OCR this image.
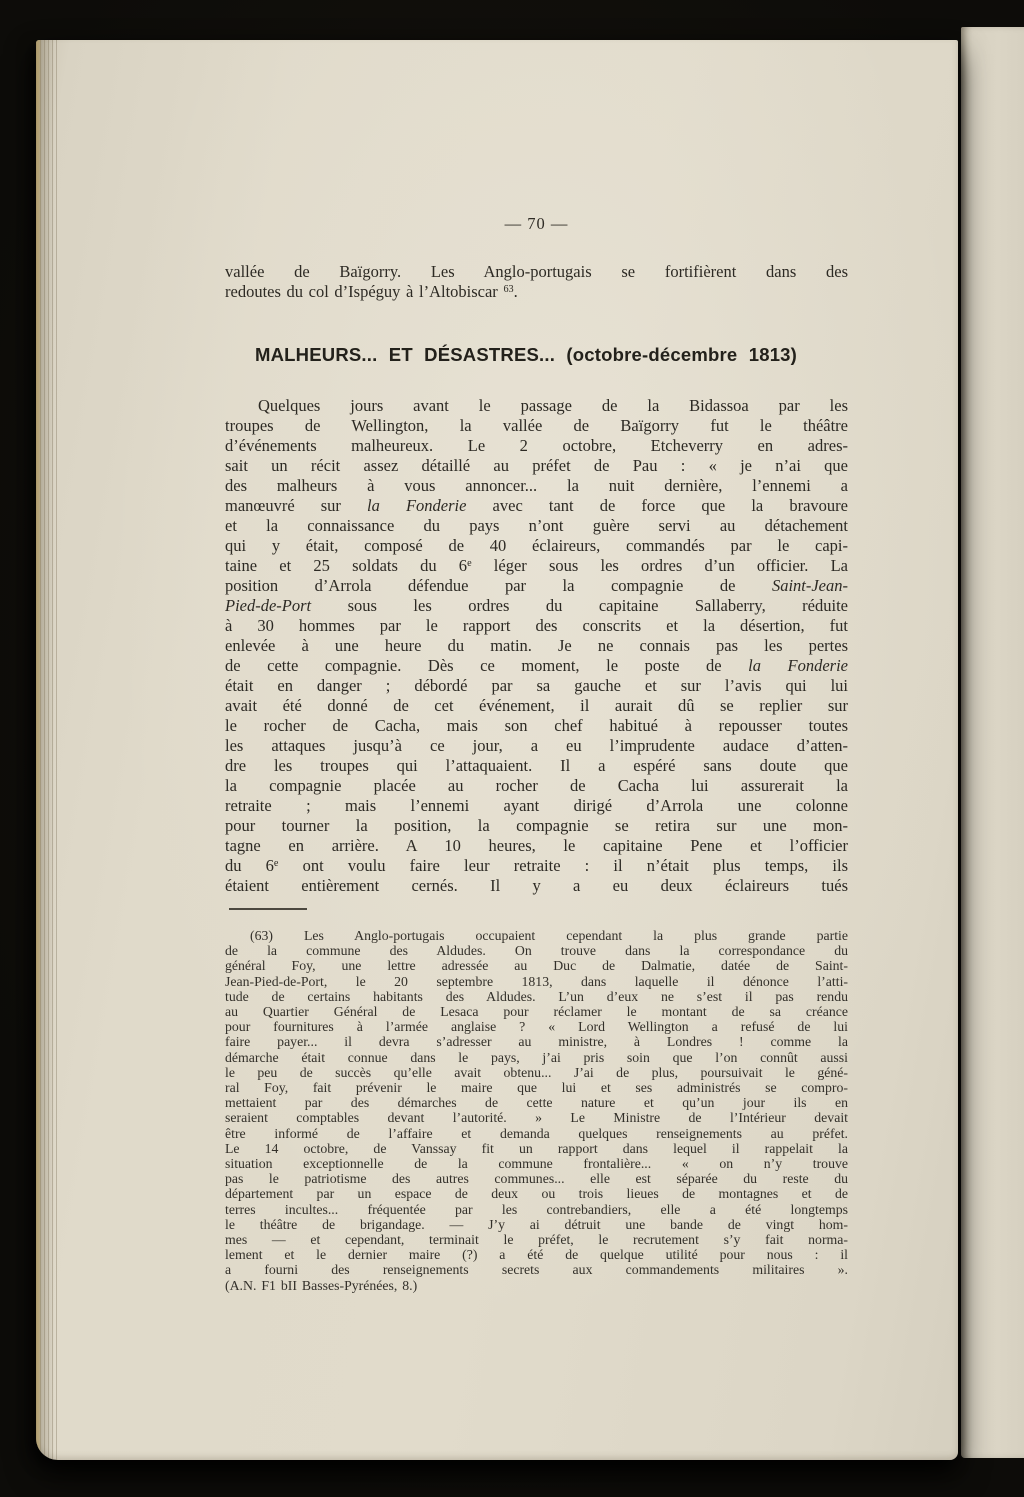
— 70 —
vallée de Baïgorry. Les Anglo-portugais se fortifièrent dans des
redoutes du col d’Ispéguy à l’Altobiscar $^{63}$.
MALHEURS... ET DÉSASTRES... (octobre-décembre 1813)
Quelques jours avant le passage de la Bidassoa par les
troupes de Wellington, la vallée de Baïgorry fut le théâtre
d’événements malheureux. Le 2 octobre, Etcheverry en adres-
sait un récit assez détaillé au préfet de Pau : « je n’ai que
des malheurs à vous annoncer... la nuit dernière, l’ennemi a
manœuvré sur la Fonderie avec tant de force que la bravoure
et la connaissance du pays n’ont guère servi au détachement
qui y était, composé de 40 éclaireurs, commandés par le capi-
taine et 25 soldats du 6e léger sous les ordres d’un officier. La
position d’Arrola défendue par la compagnie de Saint-Jean-
Pied-de-Port sous les ordres du capitaine Sallaberry, réduite
à 30 hommes par le rapport des conscrits et la désertion, fut
enlevée à une heure du matin. Je ne connais pas les pertes
de cette compagnie. Dès ce moment, le poste de la Fonderie
était en danger ; débordé par sa gauche et sur l’avis qui lui
avait été donné de cet événement, il aurait dû se replier sur
le rocher de Cacha, mais son chef habitué à repousser toutes
les attaques jusqu’à ce jour, a eu l’imprudente audace d’atten-
dre les troupes qui l’attaquaient. Il a espéré sans doute que
la compagnie placée au rocher de Cacha lui assurerait la
retraite ; mais l’ennemi ayant dirigé d’Arrola une colonne
pour tourner la position, la compagnie se retira sur une mon-
tagne en arrière. A 10 heures, le capitaine Pene et l’officier
du 6e ont voulu faire leur retraite : il n’était plus temps, ils
étaient entièrement cernés. Il y a eu deux éclaireurs tués
(63) Les Anglo-portugais occupaient cependant la plus grande partie
de la commune des Aldudes. On trouve dans la correspondance du
général Foy, une lettre adressée au Duc de Dalmatie, datée de Saint-
Jean-Pied-de-Port, le 20 septembre 1813, dans laquelle il dénonce l’atti-
tude de certains habitants des Aldudes. L’un d’eux ne s’est il pas rendu
au Quartier Général de Lesaca pour réclamer le montant de sa créance
pour fournitures à l’armée anglaise ? « Lord Wellington a refusé de lui
faire payer... il devra s’adresser au ministre, à Londres ! comme la
démarche était connue dans le pays, j’ai pris soin que l’on connût aussi
le peu de succès qu’elle avait obtenu... J’ai de plus, poursuivait le géné-
ral Foy, fait prévenir le maire que lui et ses administrés se compro-
mettaient par des démarches de cette nature et qu’un jour ils en
seraient comptables devant l’autorité. » Le Ministre de l’Intérieur devait
être informé de l’affaire et demanda quelques renseignements au préfet.
Le 14 octobre, de Vanssay fit un rapport dans lequel il rappelait la
situation exceptionnelle de la commune frontalière... « on n’y trouve
pas le patriotisme des autres communes... elle est séparée du reste du
département par un espace de deux ou trois lieues de montagnes et de
terres incultes... fréquentée par les contrebandiers, elle a été longtemps
le théâtre de brigandage. — J’y ai détruit une bande de vingt hom-
mes — et cependant, terminait le préfet, le recrutement s’y fait norma-
lement et le dernier maire (?) a été de quelque utilité pour nous : il
a fourni des renseignements secrets aux commandements militaires ».
(A.N. F1 bII Basses-Pyrénées, 8.)
